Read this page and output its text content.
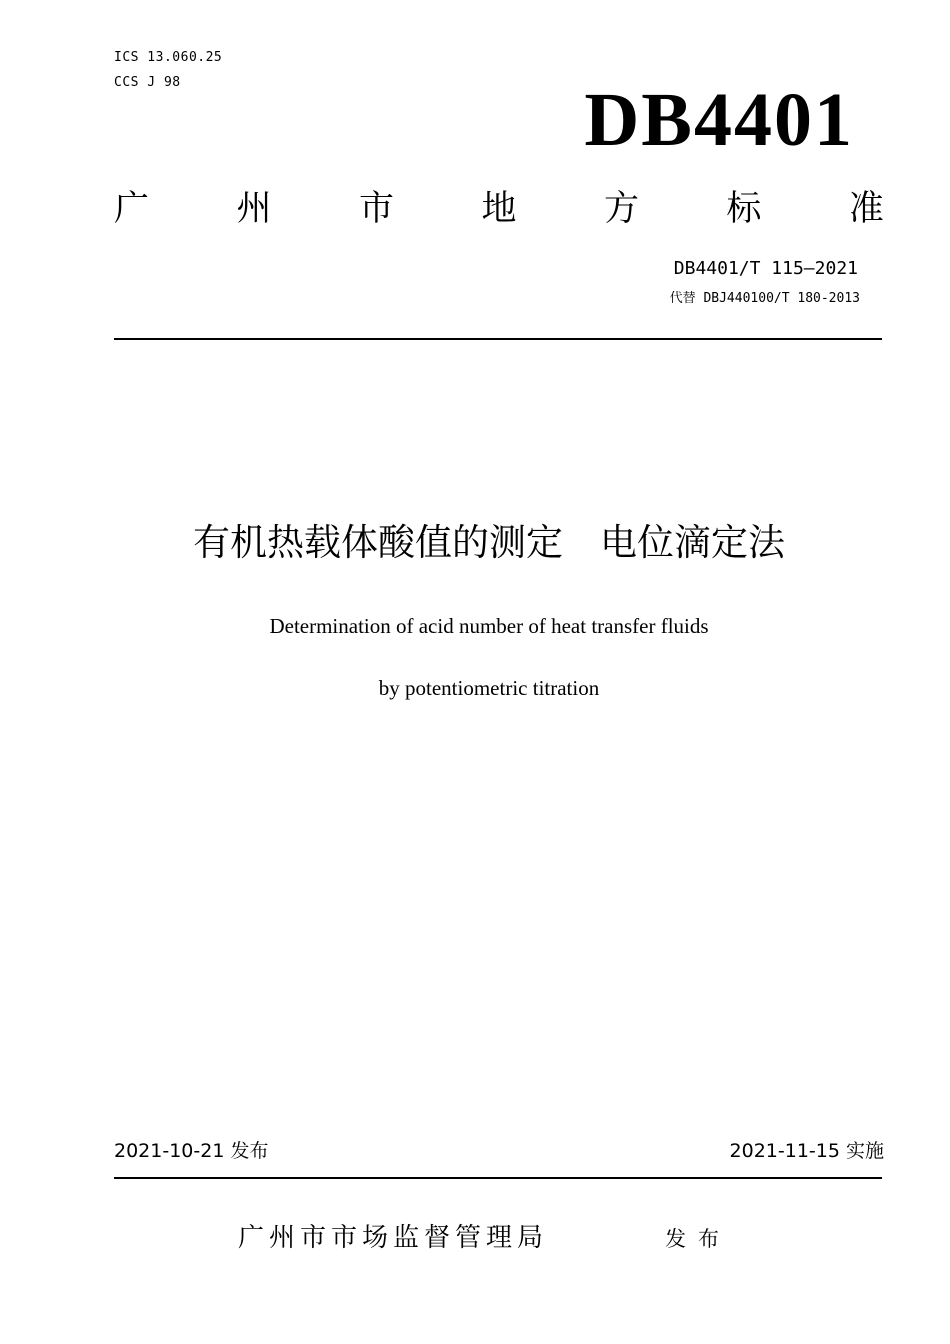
ICS 13.060.25
CCS J 98	DB4401
广 州 市 地 方 标 准
DB4401/T 115—2021
代替 DBJ440100/T 180-2013
有机热载体酸值的测定　电位滴定法
Determination of acid number of heat transfer fluids
by potentiometric titration
2021-10-21 发布	2021-11-15 实施
广州市市场监督管理局	发布
